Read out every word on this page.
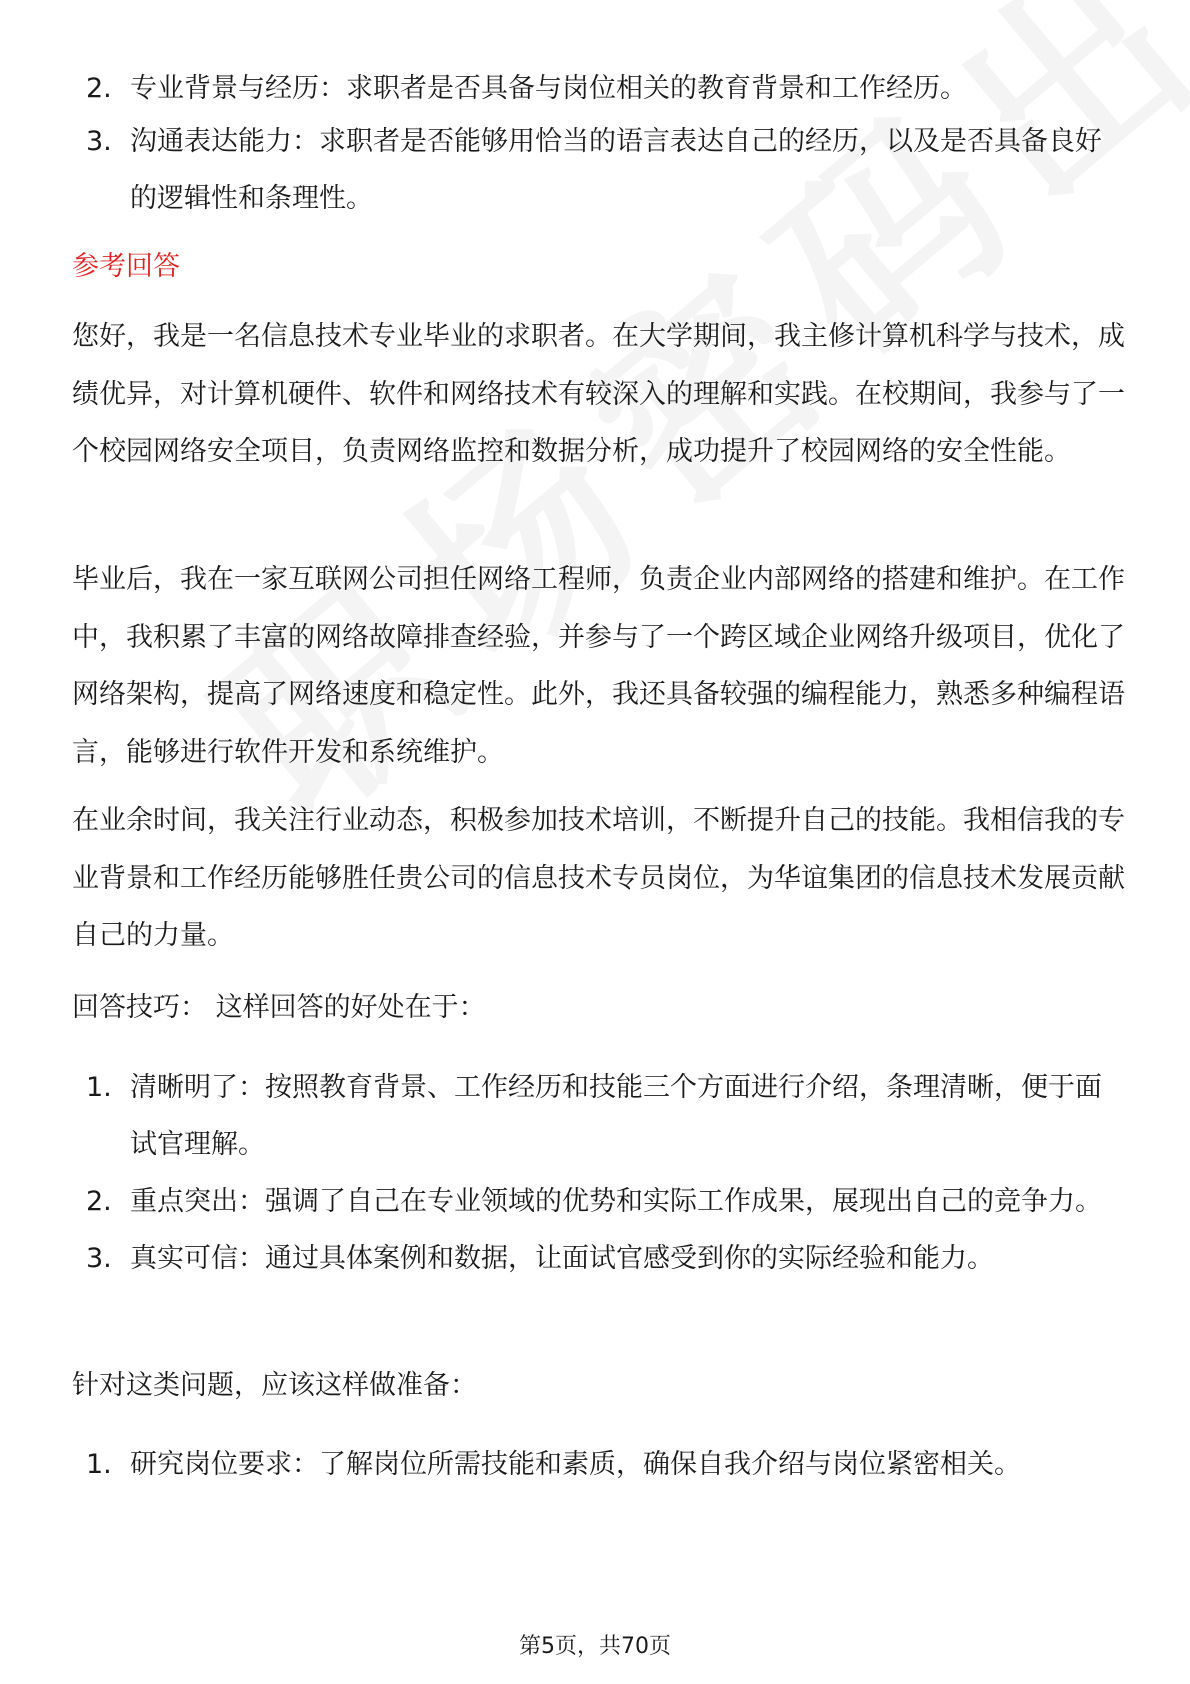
2. 专业背景与经历：求职者是否具备与岗位相关的教育背景和工作经历。
3. 沟通表达能力：求职者是否能够用恰当的语言表达自己的经历，以及是否具备良好的逻辑性和条理性。
参考回答
您好，我是一名信息技术专业毕业的求职者。在大学期间，我主修计算机科学与技术，成绩优异，对计算机硬件、软件和网络技术有较深入的理解和实践。在校期间，我参与了一个校园网络安全项目，负责网络监控和数据分析，成功提升了校园网络的安全性能。
毕业后，我在一家互联网公司担任网络工程师，负责企业内部网络的搭建和维护。在工作中，我积累了丰富的网络故障排查经验，并参与了一个跨区域企业网络升级项目，优化了网络架构，提高了网络速度和稳定性。此外，我还具备较强的编程能力，熟悉多种编程语言，能够进行软件开发和系统维护。
在业余时间，我关注行业动态，积极参加技术培训，不断提升自己的技能。我相信我的专业背景和工作经历能够胜任贵公司的信息技术专员岗位，为华谊集团的信息技术发展贡献自己的力量。
回答技巧： 这样回答的好处在于：
1. 清晰明了：按照教育背景、工作经历和技能三个方面进行介绍，条理清晰，便于面试官理解。
2. 重点突出：强调了自己在专业领域的优势和实际工作成果，展现出自己的竞争力。
3. 真实可信：通过具体案例和数据，让面试官感受到你的实际经验和能力。
针对这类问题，应该这样做准备：
1. 研究岗位要求：了解岗位所需技能和素质，确保自我介绍与岗位紧密相关。
第5页，共70页
